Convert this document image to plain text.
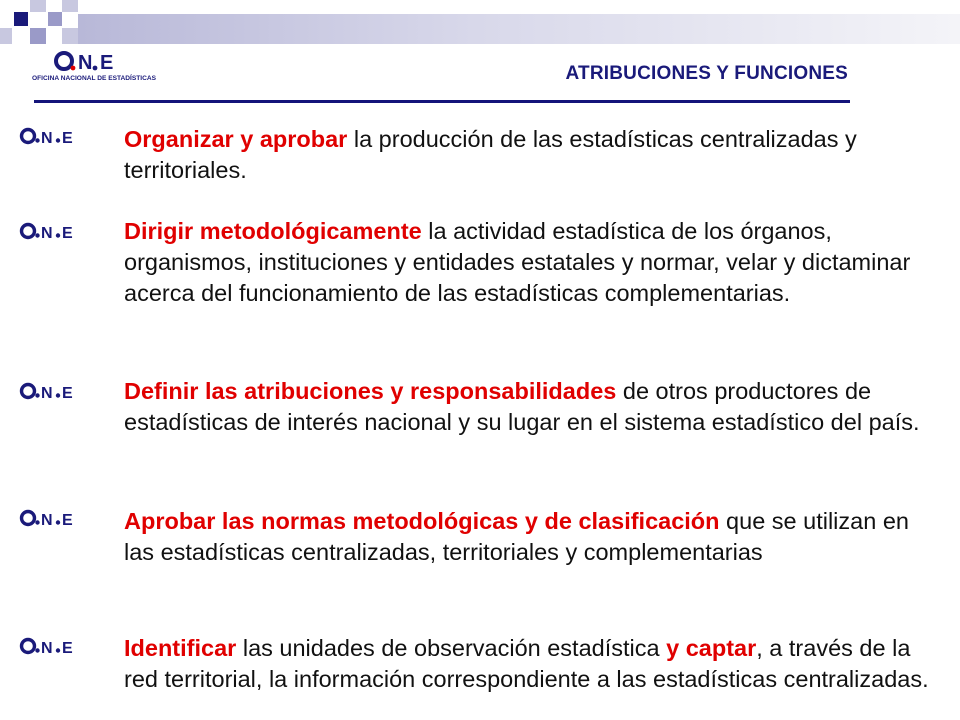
N E
OFICINA NACIONAL DE ESTADÍSTICAS	ATRIBUCIONES Y FUNCIONES
N E Organizar y aprobar la producción de las estadísticas centralizadas y territoriales.
N E Dirigir metodológicamente la actividad estadística de los órganos, organismos, instituciones y entidades estatales y normar, velar y dictaminar acerca del funcionamiento de las estadísticas complementarias.
N E Definir las atribuciones y responsabilidades de otros productores de estadísticas de interés nacional y su lugar en el sistema estadístico del país.
N E Aprobar las normas metodológicas y de clasificación que se utilizan en  las estadísticas centralizadas, territoriales y complementarias
N E Identificar las unidades de observación estadística y captar, a través de la red territorial, la información correspondiente a las estadísticas centralizadas.
